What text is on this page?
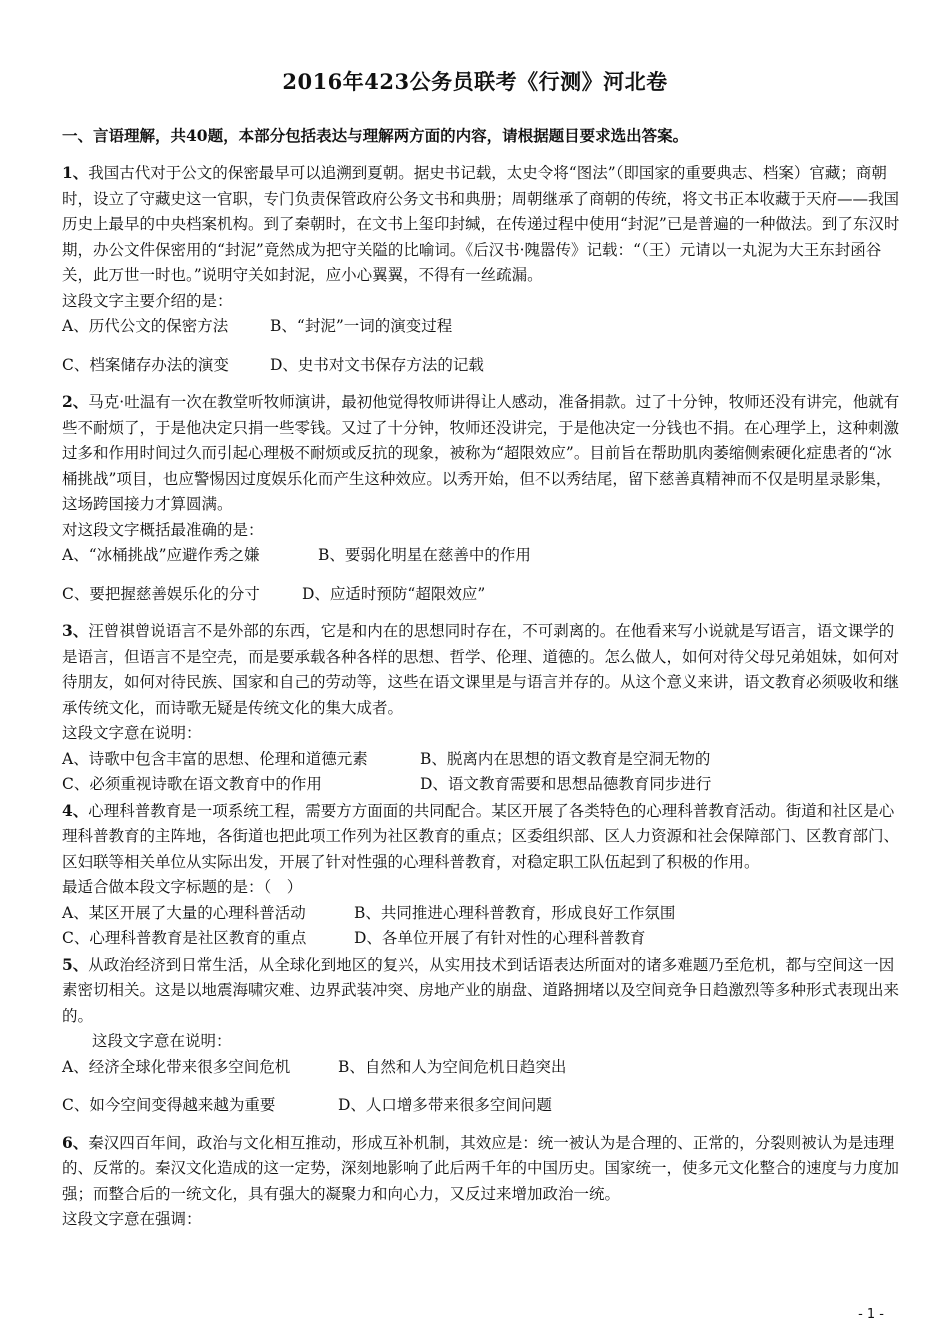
2016年423公务员联考《行测》河北卷
一、言语理解，共40题，本部分包括表达与理解两方面的内容，请根据题目要求选出答案。

1、我国古代对于公文的保密最早可以追溯到夏朝。据史书记载，太史令将“图法”（即国家的重要典志、档案）官藏；商朝时，设立了守藏史这一官职，专门负责保管政府公务文书和典册；周朝继承了商朝的传统，将文书正本收藏于天府——我国历史上最早的中央档案机构。到了秦朝时，在文书上玺印封缄，在传递过程中使用“封泥”已是普遍的一种做法。到了东汉时期，办公文件保密用的“封泥”竟然成为把守关隘的比喻词。《后汉书·隗嚣传》记载：“（王）元请以一丸泥为大王东封函谷关，此万世一时也。”说明守关如封泥，应小心翼翼，不得有一丝疏漏。

这段文字主要介绍的是：

A、历代公文的保密方法	B、“封泥”一词的演变过程
C、档案储存办法的演变	D、史书对文书保存方法的记载

2、马克·吐温有一次在教堂听牧师演讲，最初他觉得牧师讲得让人感动，准备捐款。过了十分钟，牧师还没有讲完，他就有些不耐烦了，于是他决定只捐一些零钱。又过了十分钟，牧师还没讲完，于是他决定一分钱也不捐。在心理学上，这种刺激过多和作用时间过久而引起心理极不耐烦或反抗的现象，被称为“超限效应”。目前旨在帮助肌肉萎缩侧索硬化症患者的“冰桶挑战”项目，也应警惕因过度娱乐化而产生这种效应。以秀开始，但不以秀结尾，留下慈善真精神而不仅是明星录影集，这场跨国接力才算圆满。

对这段文字概括最准确的是：

A、“冰桶挑战”应避作秀之嫌	B、要弱化明星在慈善中的作用
C、要把握慈善娱乐化的分寸	D、应适时预防“超限效应”

3、汪曾祺曾说语言不是外部的东西，它是和内在的思想同时存在，不可剥离的。在他看来写小说就是写语言，语文课学的是语言，但语言不是空壳，而是要承载各种各样的思想、哲学、伦理、道德的。怎么做人，如何对待父母兄弟姐妹，如何对待朋友，如何对待民族、国家和自己的劳动等，这些在语文课里是与语言并存的。从这个意义来讲，语文教育必须吸收和继承传统文化，而诗歌无疑是传统文化的集大成者。

这段文字意在说明：

A、诗歌中包含丰富的思想、伦理和道德元素	B、脱离内在思想的语文教育是空洞无物的
C、必须重视诗歌在语文教育中的作用	D、语文教育需要和思想品德教育同步进行

4、心理科普教育是一项系统工程，需要方方面面的共同配合。某区开展了各类特色的心理科普教育活动。街道和社区是心理科普教育的主阵地，各街道也把此项工作列为社区教育的重点；区委组织部、区人力资源和社会保障部门、区教育部门、区妇联等相关单位从实际出发，开展了针对性强的心理科普教育，对稳定职工队伍起到了积极的作用。

最适合做本段文字标题的是：（　）

A、某区开展了大量的心理科普活动	B、共同推进心理科普教育，形成良好工作氛围
C、心理科普教育是社区教育的重点	D、各单位开展了有针对性的心理科普教育

5、从政治经济到日常生活，从全球化到地区的复兴，从实用技术到话语表达所面对的诸多难题乃至危机，都与空间这一因素密切相关。这是以地震海啸灾难、边界武装冲突、房地产业的崩盘、道路拥堵以及空间竞争日趋激烈等多种形式表现出来的。

这段文字意在说明：

A、经济全球化带来很多空间危机	B、自然和人为空间危机日趋突出
C、如今空间变得越来越为重要	D、人口增多带来很多空间问题

6、秦汉四百年间，政治与文化相互推动，形成互补机制，其效应是：统一被认为是合理的、正常的，分裂则被认为是违理的、反常的。秦汉文化造成的这一定势，深刻地影响了此后两千年的中国历史。国家统一，使多元文化整合的速度与力度加强；而整合后的一统文化，具有强大的凝聚力和向心力，又反过来增加政治一统。

这段文字意在强调：

- 1 -
